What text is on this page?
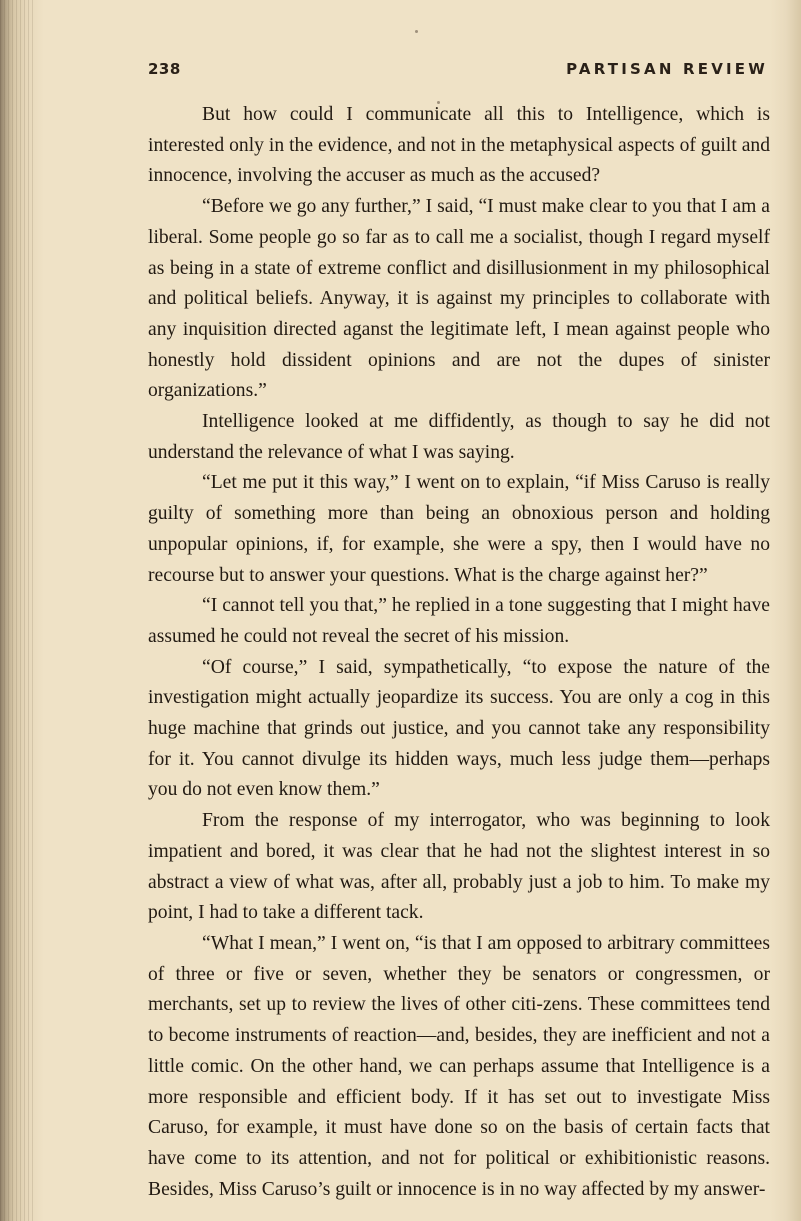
238	PARTISAN REVIEW

But how could I communicate all this to Intelligence, which is interested only in the evidence, and not in the metaphysical aspects of guilt and innocence, involving the accuser as much as the accused?

“Before we go any further,” I said, “I must make clear to you that I am a liberal. Some people go so far as to call me a socialist, though I regard myself as being in a state of extreme conflict and disillusionment in my philosophical and political beliefs. Anyway, it is against my principles to collaborate with any inquisition directed aganst the legitimate left, I mean against people who honestly hold dissident opinions and are not the dupes of sinister organizations.”

Intelligence looked at me diffidently, as though to say he did not understand the relevance of what I was saying.

“Let me put it this way,” I went on to explain, “if Miss Caruso is really guilty of something more than being an obnoxious person and holding unpopular opinions, if, for example, she were a spy, then I would have no recourse but to answer your questions. What is the charge against her?”

“I cannot tell you that,” he replied in a tone suggesting that I might have assumed he could not reveal the secret of his mission.

“Of course,” I said, sympathetically, “to expose the nature of the investigation might actually jeopardize its success. You are only a cog in this huge machine that grinds out justice, and you cannot take any responsibility for it. You cannot divulge its hidden ways, much less judge them—perhaps you do not even know them.”

From the response of my interrogator, who was beginning to look impatient and bored, it was clear that he had not the slightest interest in so abstract a view of what was, after all, probably just a job to him. To make my point, I had to take a different tack.

“What I mean,” I went on, “is that I am opposed to arbitrary committees of three or five or seven, whether they be senators or congressmen, or merchants, set up to review the lives of other citi-zens. These committees tend to become instruments of reaction—and, besides, they are inefficient and not a little comic. On the other hand, we can perhaps assume that Intelligence is a more responsible and efficient body. If it has set out to investigate Miss Caruso, for example, it must have done so on the basis of certain facts that have come to its attention, and not for political or exhibitionistic reasons. Besides, Miss Caruso’s guilt or innocence is in no way affected by my answer-
